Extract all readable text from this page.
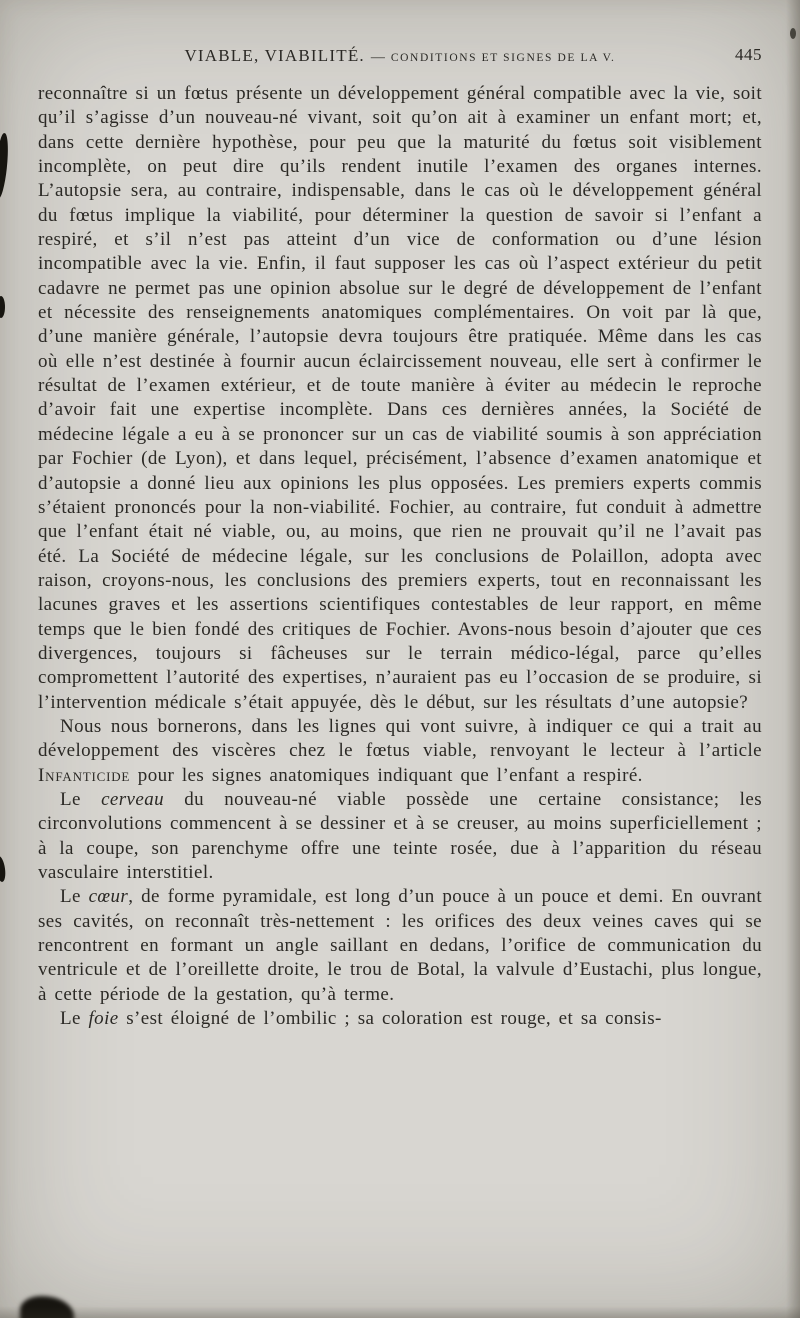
VIABLE, VIABILITÉ. — CONDITIONS ET SIGNES DE LA V.	445

reconnaître si un fœtus présente un développement général compatible avec la vie, soit qu’il s’agisse d’un nouveau-né vivant, soit qu’on ait à examiner un enfant mort; et, dans cette dernière hypothèse, pour peu que la maturité du fœtus soit visiblement incomplète, on peut dire qu’ils rendent inutile l’examen des organes internes. L’autopsie sera, au contraire, indispensable, dans le cas où le développement général du fœtus implique la viabilité, pour déterminer la question de savoir si l’enfant a respiré, et s’il n’est pas atteint d’un vice de conformation ou d’une lésion incompatible avec la vie. Enfin, il faut supposer les cas où l’aspect extérieur du petit cadavre ne permet pas une opinion absolue sur le degré de développement de l’enfant et nécessite des renseignements anatomiques complémentaires. On voit par là que, d’une manière générale, l’autopsie devra toujours être pratiquée. Même dans les cas où elle n’est destinée à fournir aucun éclaircissement nouveau, elle sert à confirmer le résultat de l’examen extérieur, et de toute manière à éviter au médecin le reproche d’avoir fait une expertise incomplète. Dans ces dernières années, la Société de médecine légale a eu à se prononcer sur un cas de viabilité soumis à son appréciation par Fochier (de Lyon), et dans lequel, précisément, l’absence d’examen anatomique et d’autopsie a donné lieu aux opinions les plus opposées. Les premiers experts commis s’étaient prononcés pour la non-viabilité. Fochier, au contraire, fut conduit à admettre que l’enfant était né viable, ou, au moins, que rien ne prouvait qu’il ne l’avait pas été. La Société de médecine légale, sur les conclusions de Polaillon, adopta avec raison, croyons-nous, les conclusions des premiers experts, tout en reconnaissant les lacunes graves et les assertions scientifiques contestables de leur rapport, en même temps que le bien fondé des critiques de Fochier. Avons-nous besoin d’ajouter que ces divergences, toujours si fâcheuses sur le terrain médico-légal, parce qu’elles compromettent l’autorité des expertises, n’auraient pas eu l’occasion de se produire, si l’intervention médicale s’était appuyée, dès le début, sur les résultats d’une autopsie?

Nous nous bornerons, dans les lignes qui vont suivre, à indiquer ce qui a trait au développement des viscères chez le fœtus viable, renvoyant le lecteur à l’article Infanticide pour les signes anatomiques indiquant que l’enfant a respiré.

Le cerveau du nouveau-né viable possède une certaine consistance; les circonvolutions commencent à se dessiner et à se creuser, au moins superficiellement ; à la coupe, son parenchyme offre une teinte rosée, due à l’apparition du réseau vasculaire interstitiel.

Le cœur, de forme pyramidale, est long d’un pouce à un pouce et demi. En ouvrant ses cavités, on reconnaît très-nettement : les orifices des deux veines caves qui se rencontrent en formant un angle saillant en dedans, l’orifice de communication du ventricule et de l’oreillette droite, le trou de Botal, la valvule d’Eustachi, plus longue, à cette période de la gestation, qu’à terme.

Le foie s’est éloigné de l’ombilic ; sa coloration est rouge, et sa consis-
